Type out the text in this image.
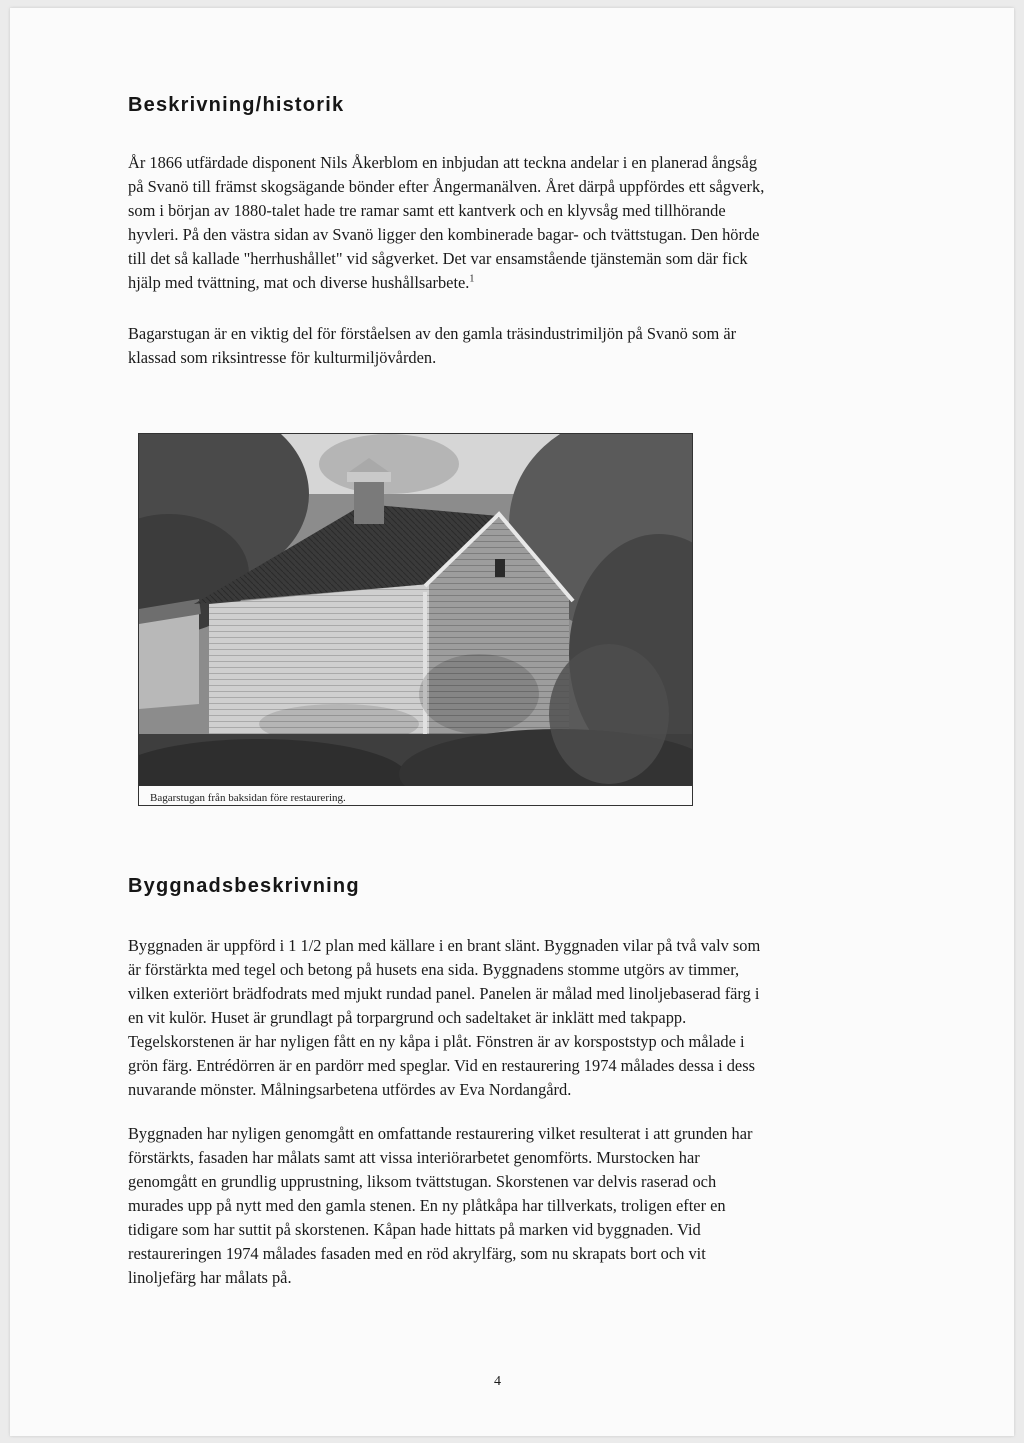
Beskrivning/historik

År 1866 utfärdade disponent Nils Åkerblom en inbjudan att teckna andelar i en planerad ångsåg
på Svanö till främst skogsägande bönder efter Ångermanälven. Året därpå uppfördes ett sågverk,
som i början av 1880-talet hade tre ramar samt ett kantverk och en klyvsåg med tillhörande
hyvleri. På den västra sidan av Svanö ligger den kombinerade bagar- och tvättstugan. Den hörde
till det så kallade "herrhushållet" vid sågverket. Det var ensamstående tjänstemän som där fick
hjälp med tvättning, mat och diverse hushållsarbete.$^1$

Bagarstugan är en viktig del för förståelsen av den gamla träsindustrimiljön på Svanö som är
klassad som riksintresse för kulturmiljövården.

Bagarstugan från baksidan före restaurering.
Byggnadsbeskrivning

Byggnaden är uppförd i 1 1/2 plan med källare i en brant slänt. Byggnaden vilar på två valv som
är förstärkta med tegel och betong på husets ena sida. Byggnadens stomme utgörs av timmer,
vilken exteriört brädfodrats med mjukt rundad panel. Panelen är målad med linoljebaserad färg i
en vit kulör. Huset är grundlagt på torpargrund och sadeltaket är inklätt med takpapp.
Tegelskorstenen är har nyligen fått en ny kåpa i plåt. Fönstren är av korspoststyp och målade i
grön färg. Entrédörren är en pardörr med speglar. Vid en restaurering 1974 målades dessa i dess
nuvarande mönster. Målningsarbetena utfördes av Eva Nordangård.

Byggnaden har nyligen genomgått en omfattande restaurering vilket resulterat i att grunden har
förstärkts, fasaden har målats samt att vissa interiörarbetet genomförts. Murstocken har
genomgått en grundlig upprustning, liksom tvättstugan. Skorstenen var delvis raserad och
murades upp på nytt med den gamla stenen. En ny plåtkåpa har tillverkats, troligen efter en
tidigare som har suttit på skorstenen. Kåpan hade hittats på marken vid byggnaden. Vid
restaureringen 1974 målades fasaden med en röd akrylfärg, som nu skrapats bort och vit
linoljefärg har målats på.

4
